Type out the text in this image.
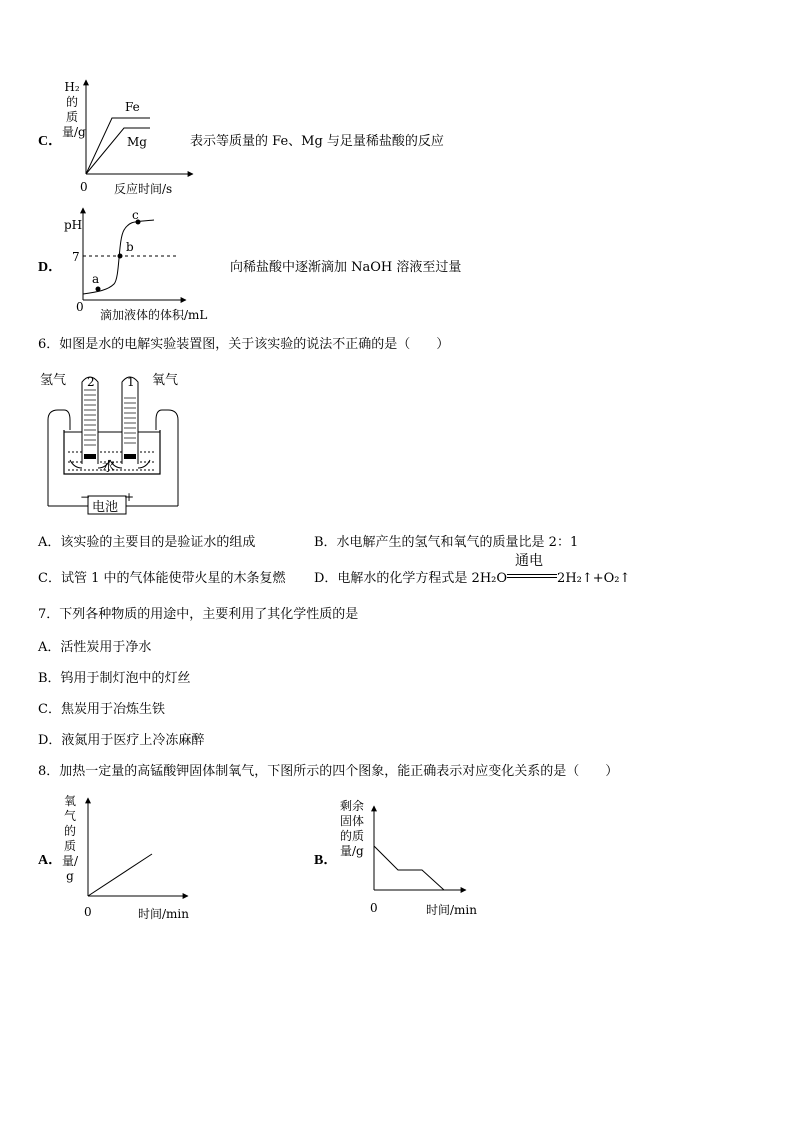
C．
H₂的质量/g
Fe
Mg
0 反应时间/s
表示等质量的 Fe、Mg 与足量稀盐酸的反应
D．
pH
7
a
b
c
0
滴加液体的体积/mL
向稀盐酸中逐渐滴加 NaOH 溶液至过量
6．如图是水的电解实验装置图，关于该实验的说法不正确的是（　　）
氢气	氧气
2	1
水
电池
−	+
A．该实验的主要目的是验证水的组成	B．水电解产生的氢气和氧气的质量比是 2：1
C．试管 1 中的气体能使带火星的木条复燃 D．电解水的化学方程式是 2H₂O
通电
2H₂↑+O₂↑
7．下列各种物质的用途中，主要利用了其化学性质的是
A．活性炭用于净水
B．钨用于制灯泡中的灯丝
C．焦炭用于冶炼生铁
D．液氮用于医疗上冷冻麻醉
8．加热一定量的高锰酸钾固体制氧气，下图所示的四个图象，能正确表示对应变化关系的是（　　）
A．
氧气的质量/g
0	时间/min
B．
剩余固体的质量/g
0	时间/min
